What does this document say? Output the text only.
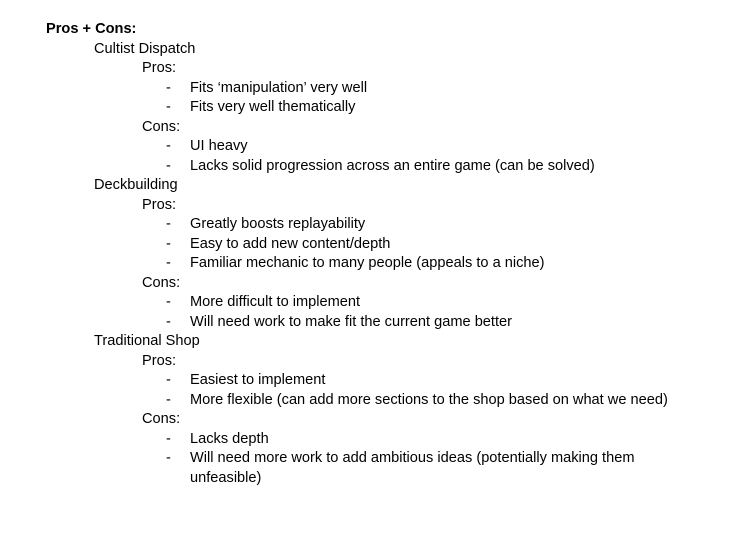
Pros + Cons:
Cultist Dispatch
Pros:
- Fits ‘manipulation’ very well
- Fits very well thematically
Cons:
- UI heavy
- Lacks solid progression across an entire game (can be solved)
Deckbuilding
Pros:
- Greatly boosts replayability
- Easy to add new content/depth
- Familiar mechanic to many people (appeals to a niche)
Cons:
- More difficult to implement
- Will need work to make fit the current game better
Traditional Shop
Pros:
- Easiest to implement
- More flexible (can add more sections to the shop based on what we need)
Cons:
- Lacks depth
- Will need more work to add ambitious ideas (potentially making them unfeasible)
